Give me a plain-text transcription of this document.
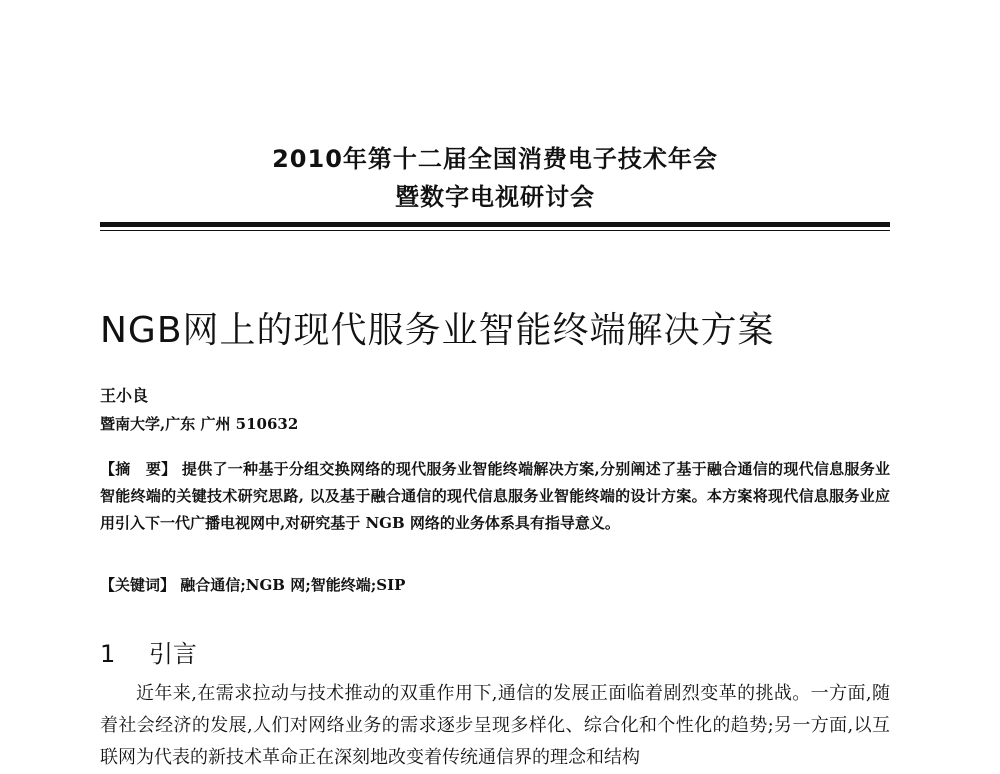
2010年第十二届全国消费电子技术年会
暨数字电视研讨会
NGB网上的现代服务业智能终端解决方案
王小良
暨南大学,广东 广州 510632
【摘　要】 提供了一种基于分组交换网络的现代服务业智能终端解决方案,分别阐述了基于融合通信的现代信息服务业智能终端的关键技术研究思路, 以及基于融合通信的现代信息服务业智能终端的设计方案。本方案将现代信息服务业应用引入下一代广播电视网中,对研究基于 NGB 网络的业务体系具有指导意义。
【关键词】 融合通信;NGB 网;智能终端;SIP
1 引言
近年来,在需求拉动与技术推动的双重作用下,通信的发展正面临着剧烈变革的挑战。一方面,随着社会经济的发展,人们对网络业务的需求逐步呈现多样化、综合化和个性化的趋势;另一方面,以互联网为代表的新技术革命正在深刻地改变着传统通信界的理念和结构
